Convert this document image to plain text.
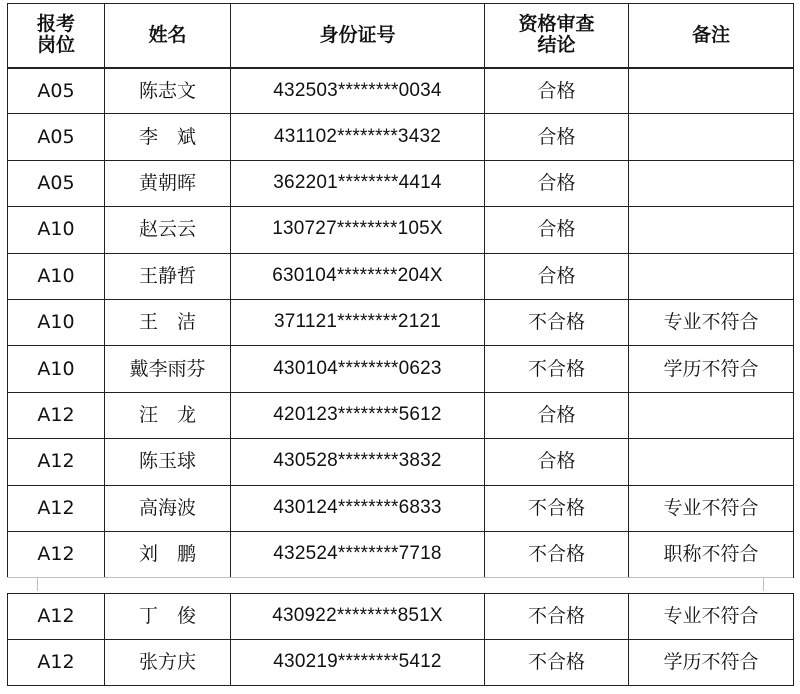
报考岗位	姓名	身份证号	资格审查结论	备注
A05	陈志文	432503********0034	合格	
A05	李　斌	431102********3432	合格	
A05	黄朝晖	362201********4414	合格	
A10	赵云云	130727********105X	合格	
A10	王静哲	630104********204X	合格	
A10	王　洁	371121********2121	不合格	专业不符合
A10	戴李雨芬	430104********0623	不合格	学历不符合
A12	汪　龙	420123********5612	合格	
A12	陈玉球	430528********3832	合格	
A12	高海波	430124********6833	不合格	专业不符合
A12	刘　鹏	432524********7718	不合格	职称不符合
A12	丁　俊	430922********851X	不合格	专业不符合
A12	张方庆	430219********5412	不合格	学历不符合
